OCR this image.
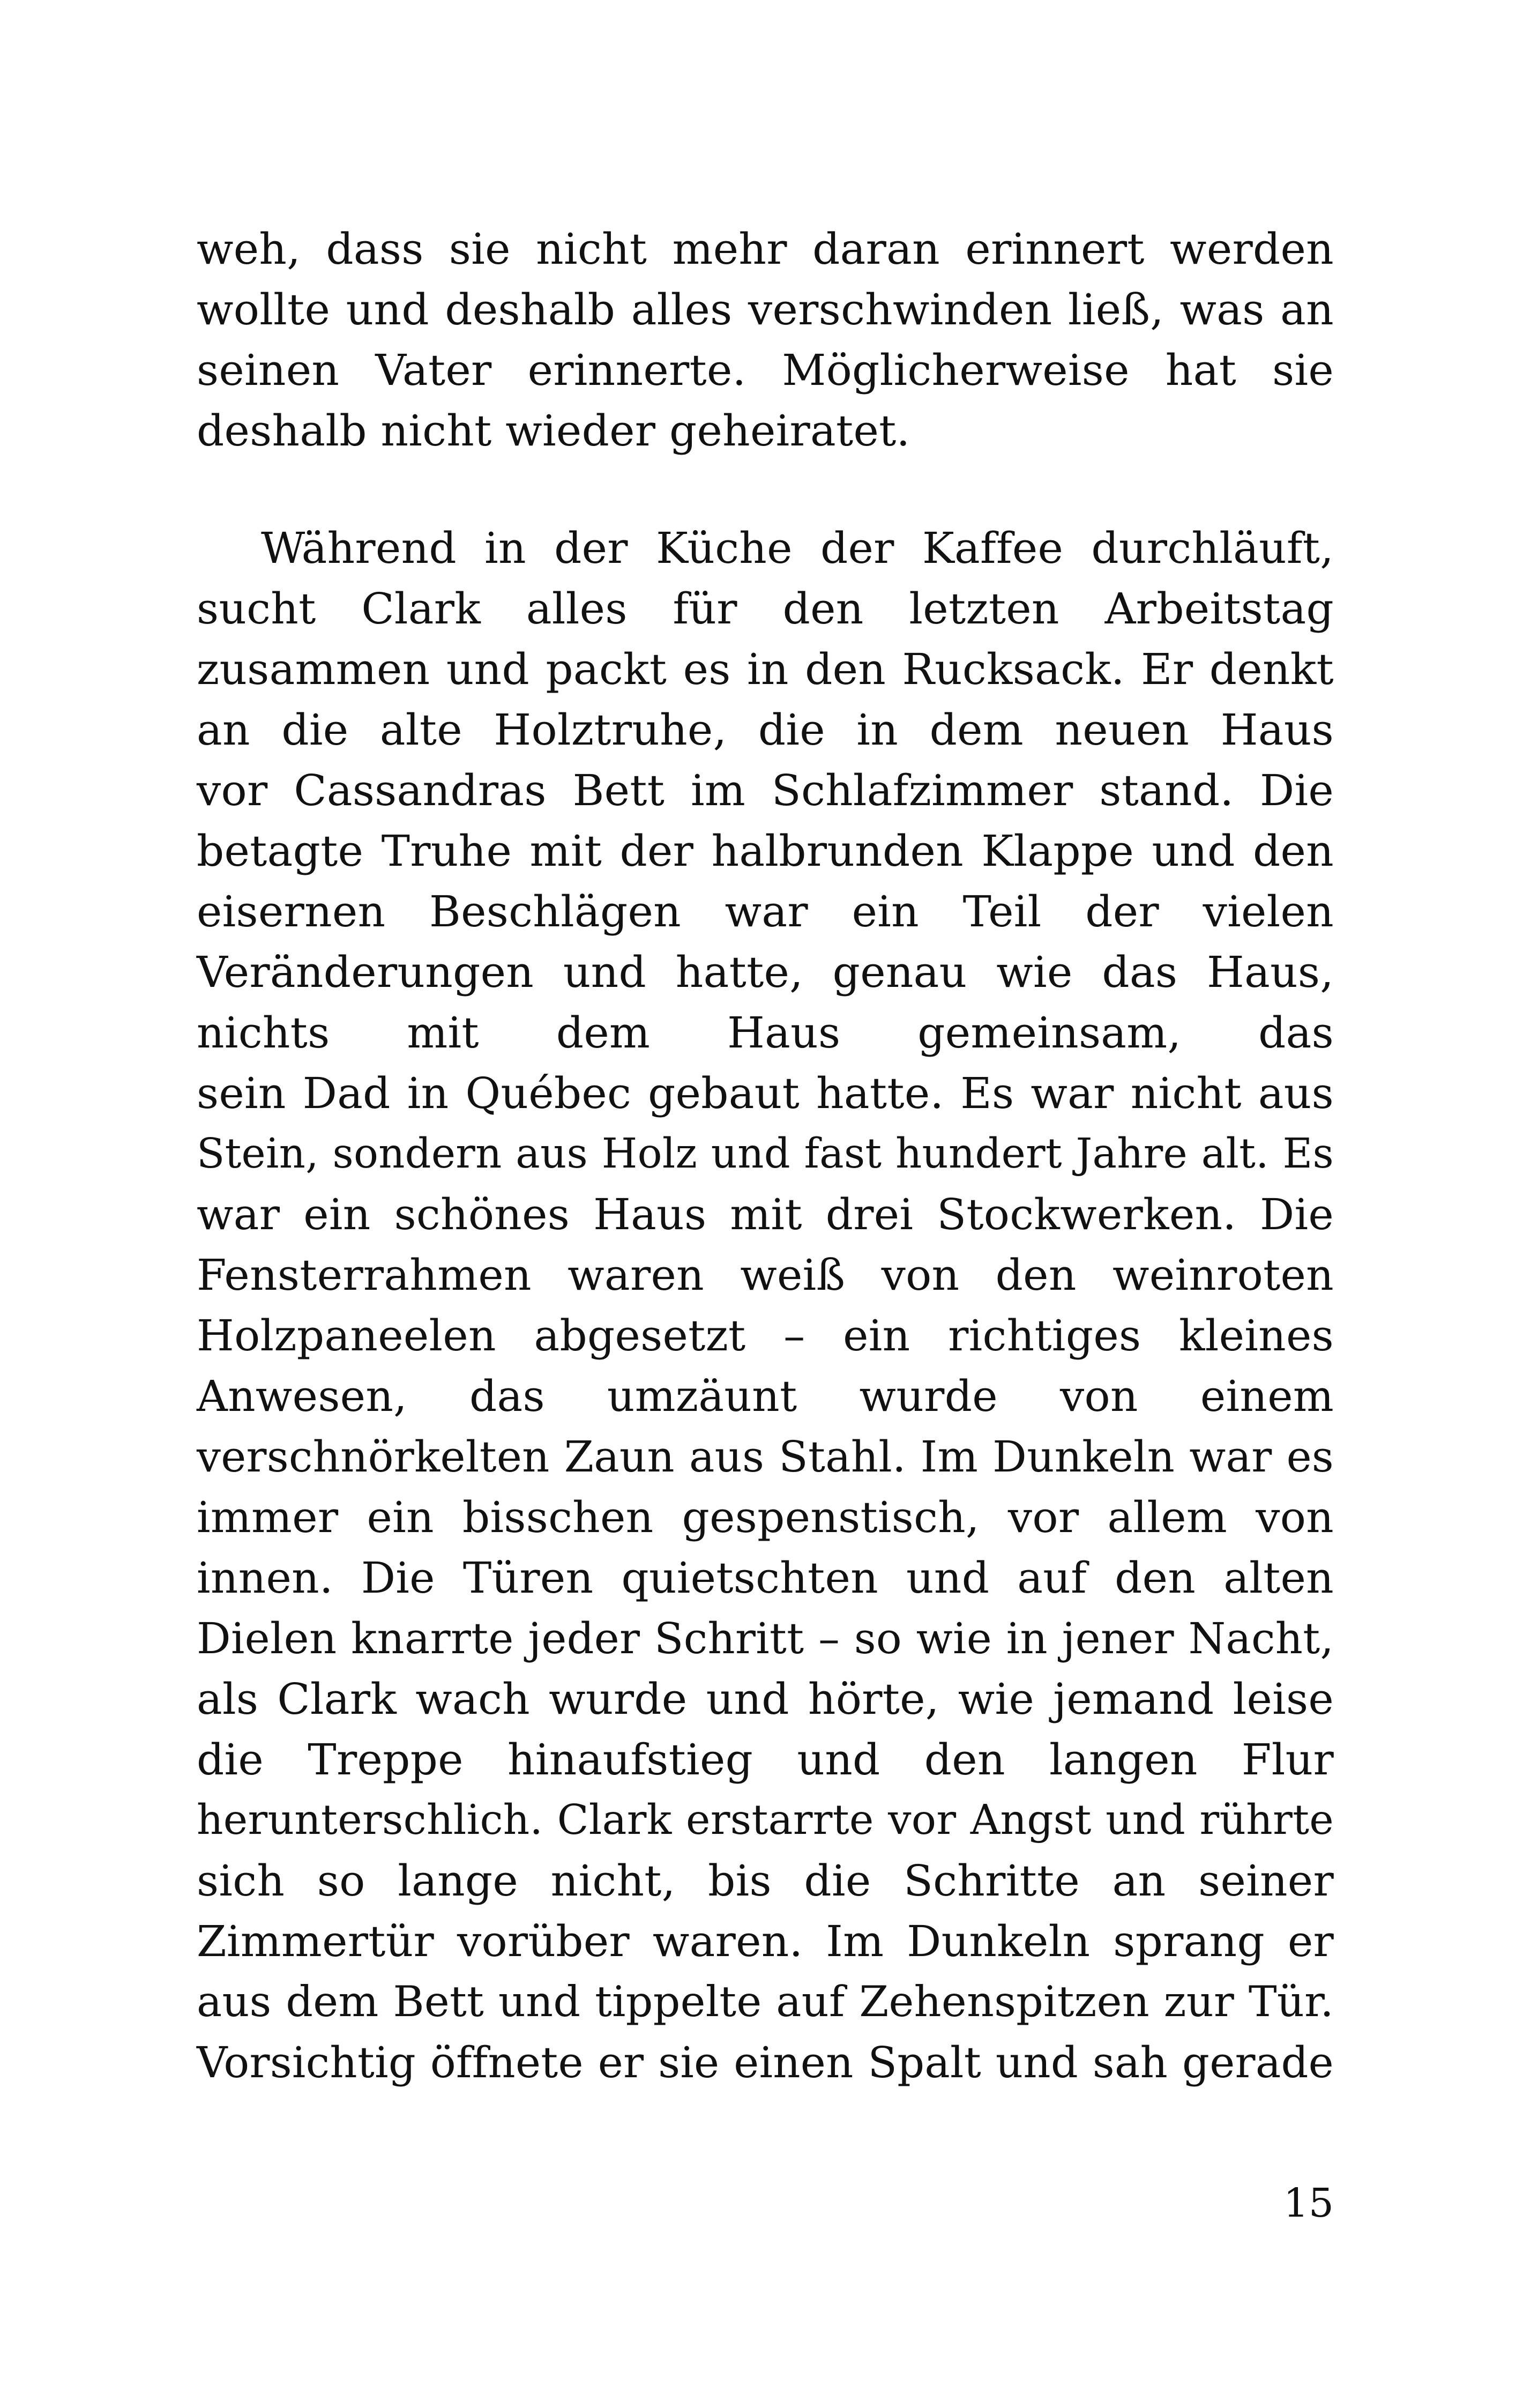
weh, dass sie nicht mehr daran erinnert werden
wollte und deshalb alles verschwinden ließ, was an
seinen Vater erinnerte. Möglicherweise hat sie
deshalb nicht wieder geheiratet.
Während in der Küche der Kaffee durchläuft,
sucht Clark alles für den letzten Arbeitstag
zusammen und packt es in den Rucksack. Er denkt
an die alte Holztruhe, die in dem neuen Haus
vor Cassandras Bett im Schlafzimmer stand. Die
betagte Truhe mit der halbrunden Klappe und den
eisernen Beschlägen war ein Teil der vielen
Veränderungen und hatte, genau wie das Haus,
nichts mit dem Haus gemeinsam, das
sein Dad in Québec gebaut hatte. Es war nicht aus
Stein, sondern aus Holz und fast hundert Jahre alt. Es
war ein schönes Haus mit drei Stockwerken. Die
Fensterrahmen waren weiß von den weinroten
Holzpaneelen abgesetzt – ein richtiges kleines
Anwesen, das umzäunt wurde von einem
verschnörkelten Zaun aus Stahl. Im Dunkeln war es
immer ein bisschen gespenstisch, vor allem von
innen. Die Türen quietschten und auf den alten
Dielen knarrte jeder Schritt – so wie in jener Nacht,
als Clark wach wurde und hörte, wie jemand leise
die Treppe hinaufstieg und den langen Flur
herunterschlich. Clark erstarrte vor Angst und rührte
sich so lange nicht, bis die Schritte an seiner
Zimmertür vorüber waren. Im Dunkeln sprang er
aus dem Bett und tippelte auf Zehenspitzen zur Tür.
Vorsichtig öffnete er sie einen Spalt und sah gerade
15
